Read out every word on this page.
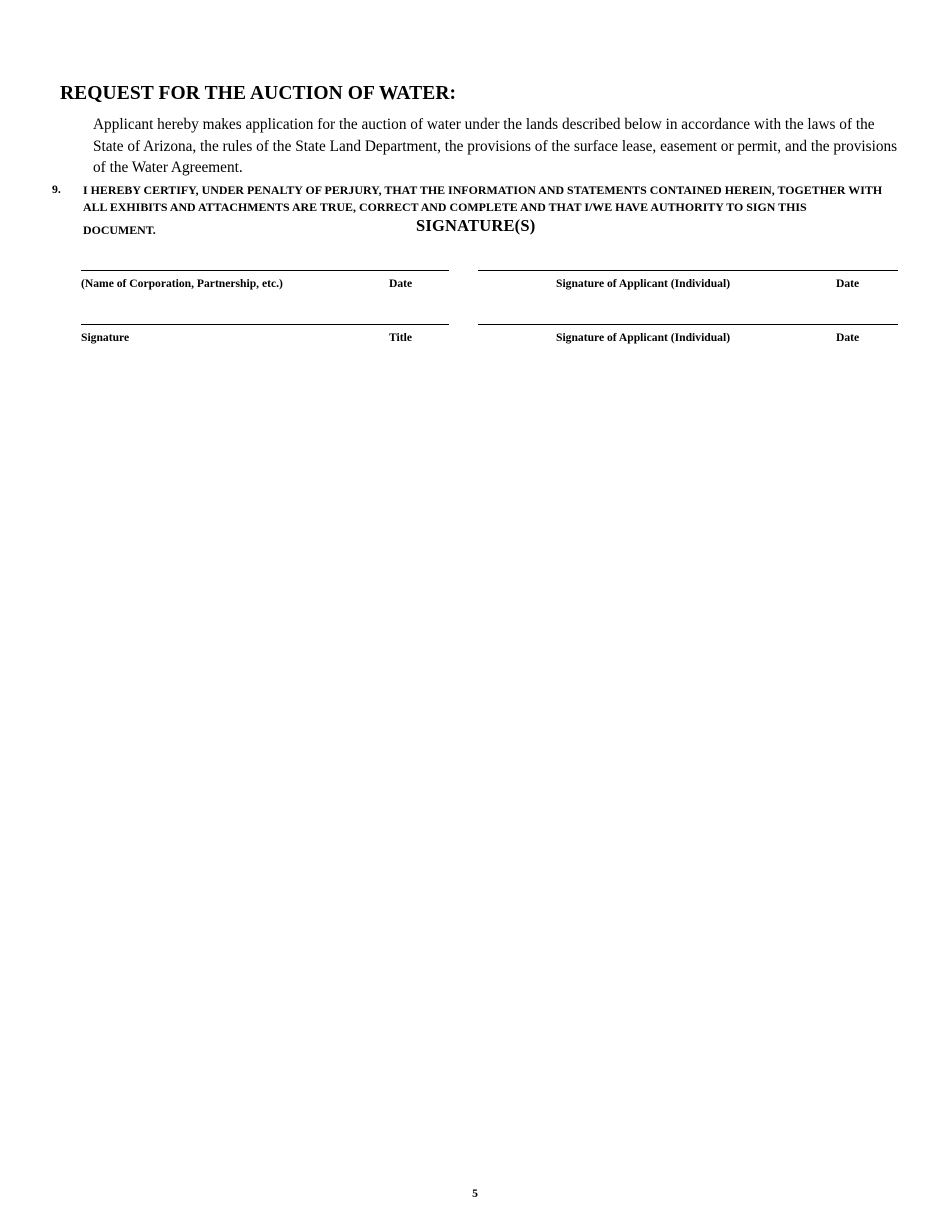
REQUEST FOR THE AUCTION OF WATER:

Applicant hereby makes application for the auction of water under the lands described below in accordance with the laws of the State of Arizona, the rules of the State Land Department, the provisions of the surface lease, easement or permit, and the provisions of the Water Agreement.

9. I HEREBY CERTIFY, UNDER PENALTY OF PERJURY, THAT THE INFORMATION AND STATEMENTS CONTAINED HEREIN, TOGETHER WITH ALL EXHIBITS AND ATTACHMENTS ARE TRUE, CORRECT AND COMPLETE AND THAT I/WE HAVE AUTHORITY TO SIGN THIS
DOCUMENT.	SIGNATURE(S)
(Name of Corporation, Partnership, etc.)	Date	Signature of Applicant (Individual)	Date
Signature	Title	Signature of Applicant (Individual)	Date
5
